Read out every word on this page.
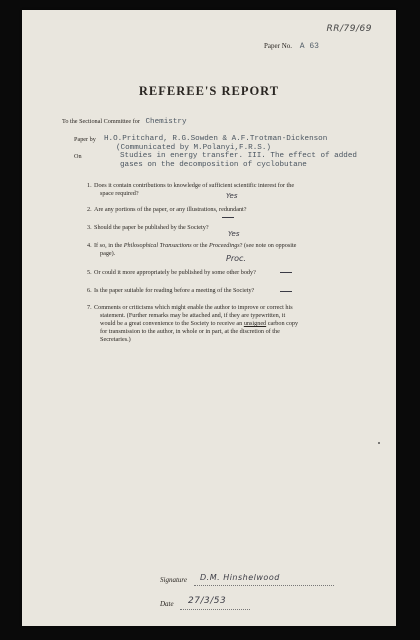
RR/79/69
Paper No. A 63
REFEREE'S REPORT
To the Sectional Committee for Chemistry
Paper by H.O.Pritchard, R.G.Sowden & A.F.Trotman-Dickenson
(Communicated by M.Polanyi,F.R.S.)
On	Studies in energy transfer. III. The effect of added
gases on the decomposition of cyclobutane
1. Does it contain contributions to knowledge of sufficient scientific interest for the
space required?	Yes
2. Are any portions of the paper, or any illustrations, redundant?
3. Should the paper be published by the Society?
Yes
4. If so, in the Philosophical Transactions or the Proceedings? (see note on opposite
page).
Proc.
5. Or could it more appropriately be published by some other body?
6. Is the paper suitable for reading before a meeting of the Society?
7. Comments or criticisms which might enable the author to improve or correct his
statement. (Further remarks may be attached and, if they are typewritten, it
would be a great convenience to the Society to receive an unsigned carbon copy
for transmission to the author, in whole or in part, at the discretion of the
Secretaries.)
Signature D.M. Hinshelwood
Date 27/3/53
